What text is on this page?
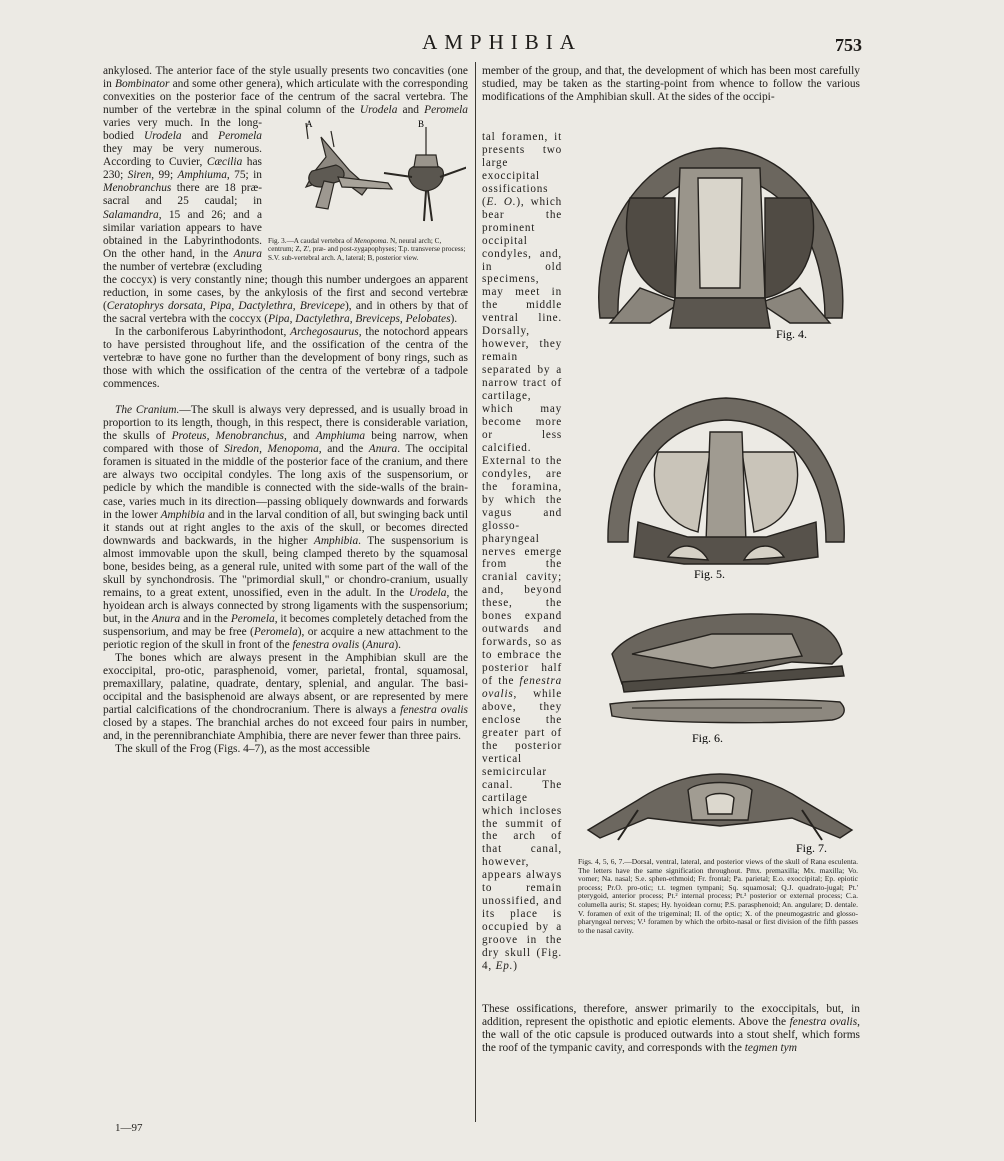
AMPHIBIA	753

ankylosed. The anterior face of the style usually presents two concavities (one in Bombinator and some other genera), which articulate with the corresponding convexities on the posterior face of the centrum of the sacral vertebra. The number of the vertebræ in the spinal column of the
A	B
Fig. 3.—A caudal vertebra of Menopoma. N, neural arch; C, centrum; Z, Z', præ- and post-zygapophyses; T.p. transverse process; S.V. sub-vertebral arch. A, lateral; B, posterior view.
Urodela and Peromela varies very much. In the long-bodied Urodela and Peromela they may be very numerous. According to Cuvier, Cæcilia has 230; Siren, 99; Amphiuma, 75; in Menobranchus there are 18 præ-sacral and 25 caudal; in Salamandra, 15 and 26; and a similar variation appears to have obtained in the Labyrinthodonts. On the other hand, in the Anura the number of vertebræ (excluding the coccyx) is very constantly nine; though this number undergoes an apparent reduction, in some cases, by the ankylosis of the first and second vertebræ (Ceratophrys dorsata, Pipa, Dactylethra, Brevicepe), and in others by that of the sacral vertebra with the coccyx (Pipa, Dactylethra, Breviceps, Pelobates).

In the carboniferous Labyrinthodont, Archegosaurus, the notochord appears to have persisted throughout life, and the ossification of the centra of the vertebræ to have gone no further than the development of bony rings, such as those with which the ossification of the centra of the vertebræ of a tadpole commences.

The Cranium.—The skull is always very depressed, and is usually broad in proportion to its length, though, in this respect, there is considerable variation, the skulls of Proteus, Menobranchus, and Amphiuma being narrow, when compared with those of Siredon, Menopoma, and the Anura. The occipital foramen is situated in the middle of the posterior face of the cranium, and there are always two occipital condyles. The long axis of the suspensorium, or pedicle by which the mandible is connected with the side-walls of the brain-case, varies much in its direction—passing obliquely downwards and forwards in the lower Amphibia and in the larval condition of all, but swinging back until it stands out at right angles to the axis of the skull, or becomes directed downwards and backwards, in the higher Amphibia. The suspensorium is almost immovable upon the skull, being clamped thereto by the squamosal bone, besides being, as a general rule, united with some part of the wall of the skull by synchondrosis. The "primordial skull," or chondro-cranium, usually remains, to a great extent, unossified, even in the adult. In the Urodela, the hyoidean arch is always connected by strong ligaments with the suspensorium; but, in the Anura and in the Peromela, it becomes completely detached from the suspensorium, and may be free (Peromela), or acquire a new attachment to the periotic region of the skull in front of the fenestra ovalis (Anura).

The bones which are always present in the Amphibian skull are the exoccipital, pro-otic, parasphenoid, vomer, parietal, frontal, squamosal, premaxillary, palatine, quadrate, dentary, splenial, and angular. The basi-occipital and the basisphenoid are always absent, or are represented by mere partial calcifications of the chondrocranium. There is always a fenestra ovalis closed by a stapes. The branchial arches do not exceed four pairs in number, and, in the perennibranchiate Amphibia, there are never fewer than three pairs.

The skull of the Frog (Figs. 4–7), as the most accessible

member of the group, and that, the development of which has been most carefully studied, may be taken as the starting-point from whence to follow the various modifications of the Amphibian skull. At the sides of the occipi-

tal foramen, it presents two large exoccipital ossifications (E. O.), which bear the prominent occipital condyles, and, in old specimens, may meet in the middle ventral line. Dorsally, however, they remain separated by a narrow tract of cartilage, which may become more or less calcified. External to the condyles, are the foramina, by which the vagus and glosso-pharyngeal nerves emerge from the cranial cavity; and, beyond these, the bones expand outwards and forwards, so as to embrace the posterior half of the fenestra ovalis, while above, they enclose the greater part of the posterior vertical semicircular canal. The cartilage which incloses the summit of the arch of that canal, however, appears always to remain unossified, and its place is occupied by a groove in the dry skull (Fig. 4, Ep.)

Fig. 4.
Fig. 5.
Fig. 6.
Fig. 7.
Figs. 4, 5, 6, 7.—Dorsal, ventral, lateral, and posterior views of the skull of Rana esculenta. The letters have the same signification throughout. Pmx. premaxilla; Mx. maxilla; Vo. vomer; Na. nasal; S.e. sphen-ethmoid; Fr. frontal; Pa. parietal; E.o. exoccipital; Ep. epiotic process; Pr.O. pro-otic; t.t. tegmen tympani; Sq. squamosal; Q.J. quadrato-jugal; Pt.' pterygoid, anterior process; Pt.² internal process; Pt.³ posterior or external process; C.a. columella auris; St. stapes; Hy. hyoidean cornu; P.S. parasphenoid; An. angulare; D. dentale. V. foramen of exit of the trigeminal; II. of the optic; X. of the pneumogastric and glosso-pharyngeal nerves; V.¹ foramen by which the orbito-nasal or first division of the fifth passes to the nasal cavity.

These ossifications, therefore, answer primarily to the exoccipitals, but, in addition, represent the opisthotic and epiotic elements. Above the fenestra ovalis, the wall of the otic capsule is produced outwards into a stout shelf, which forms the roof of the tympanic cavity, and corresponds with the tegmen tym

1—97
